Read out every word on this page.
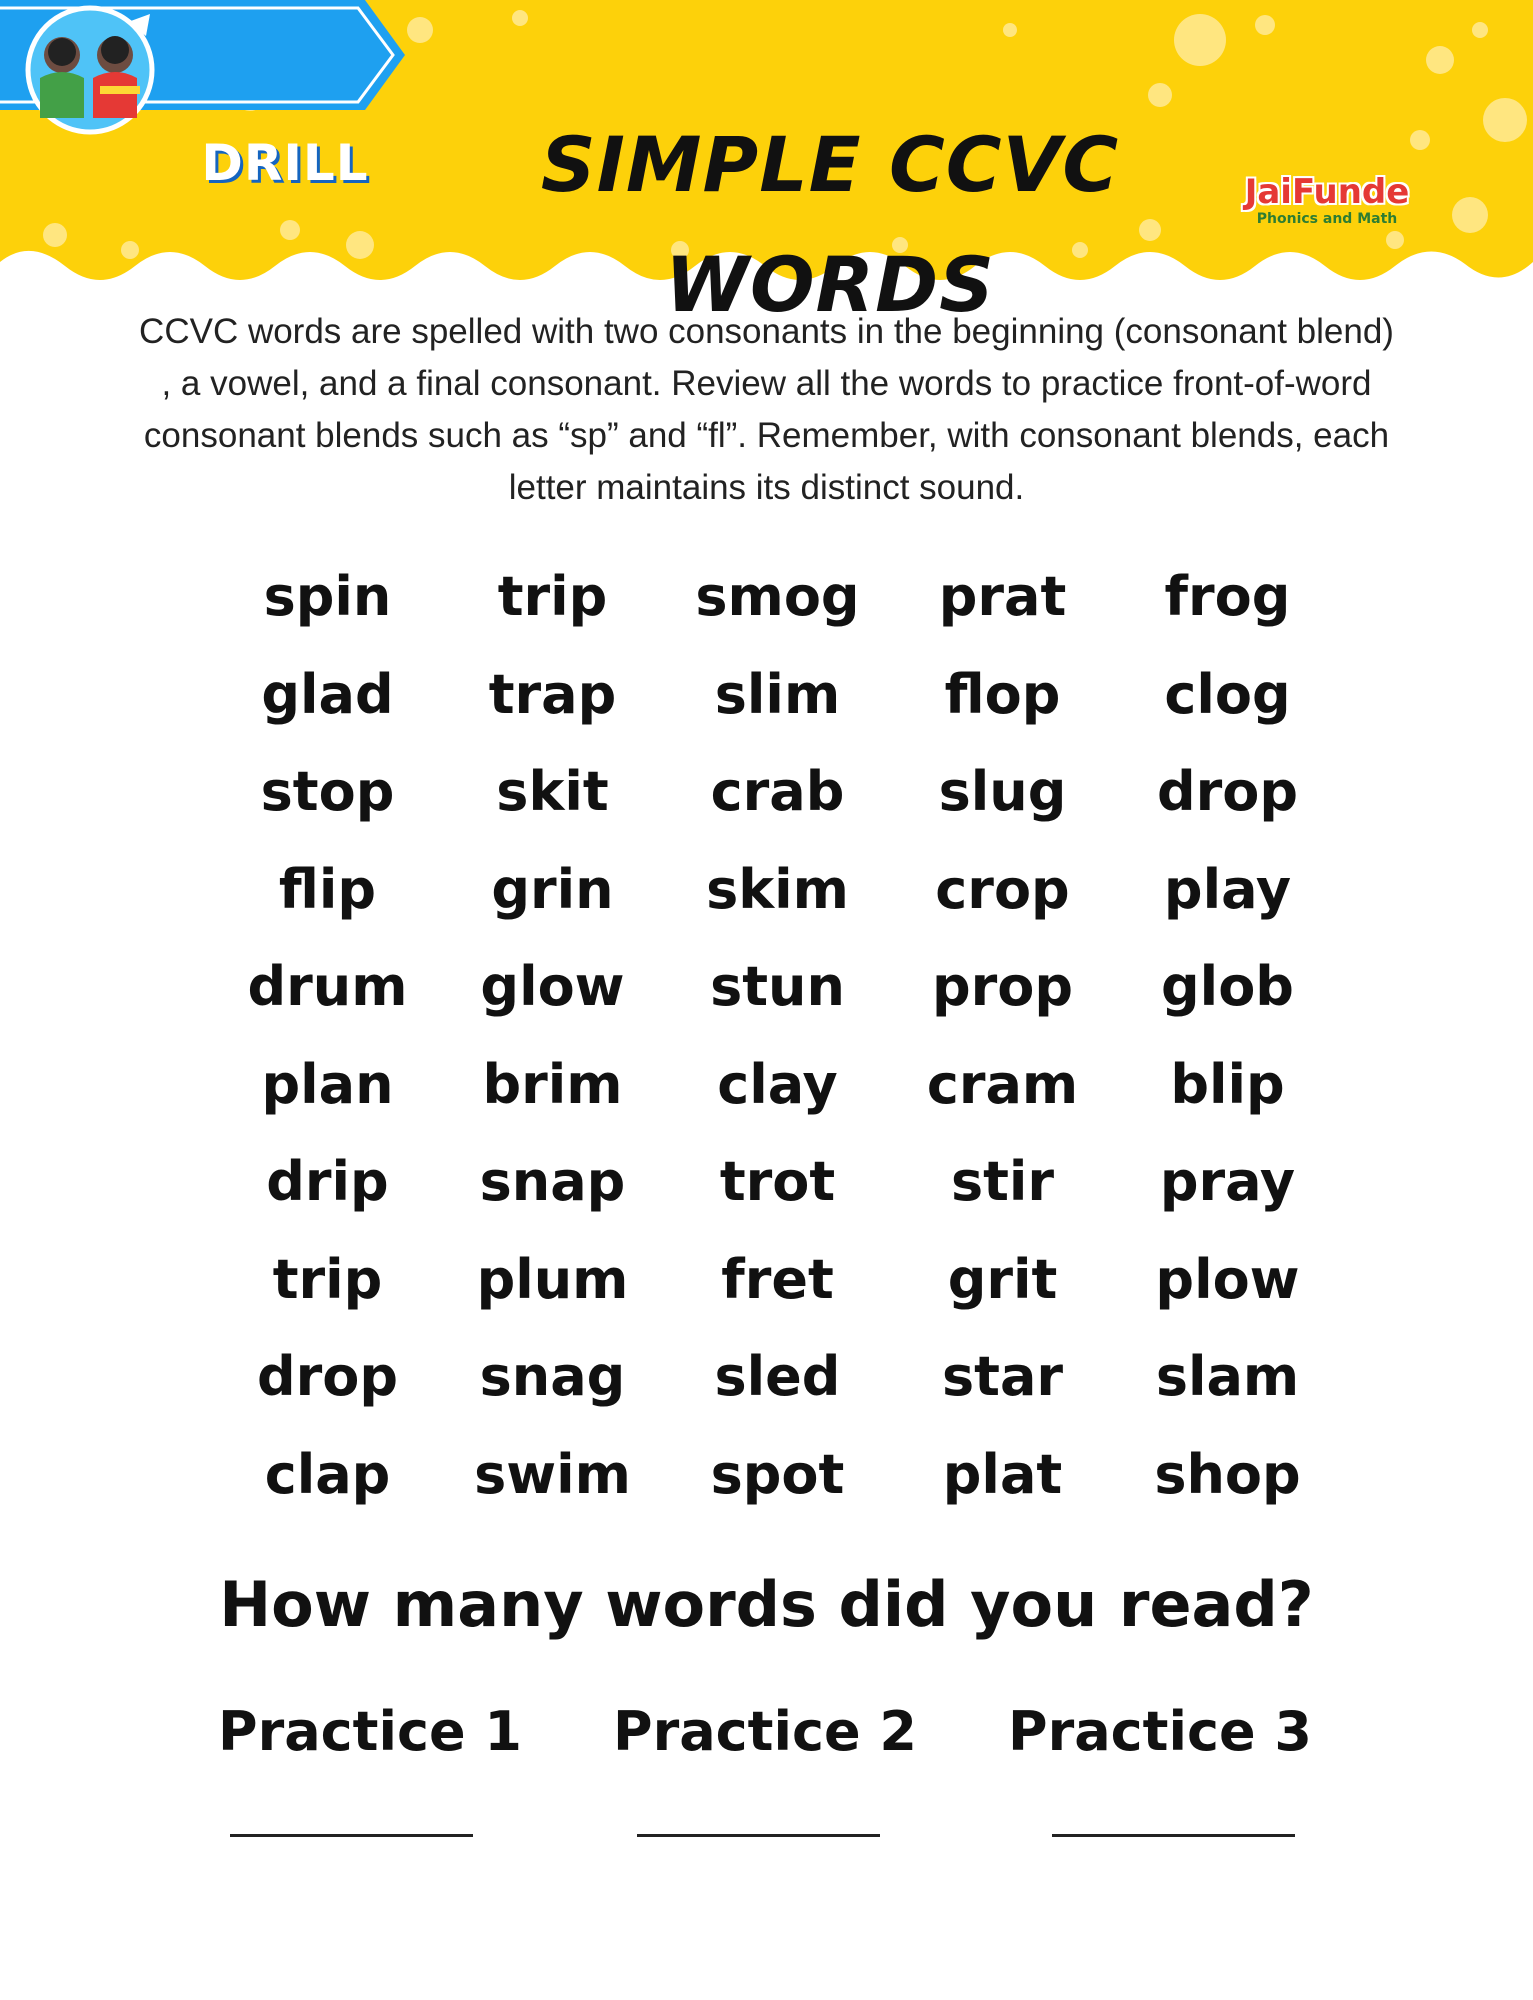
DRILL	SIMPLE CCVC WORDS
JaiFunde
Phonics and Math
CCVC words are spelled with two consonants in the beginning (consonant blend) , a vowel, and a final consonant. Review all the words to practice front-of-word consonant blends such as “sp” and “fl”. Remember, with consonant blends, each letter maintains its distinct sound.
spin	trip	smog	prat	frog
glad	trap	slim	flop	clog
stop	skit	crab	slug	drop
flip	grin	skim	crop	play
drum	glow	stun	prop	glob
plan	brim	clay	cram	blip
drip	snap	trot	stir	pray
trip	plum	fret	grit	plow
drop	snag	sled	star	slam
clap	swim	spot	plat	shop
How many words did you read?
Practice 1 Practice 2 Practice 3
